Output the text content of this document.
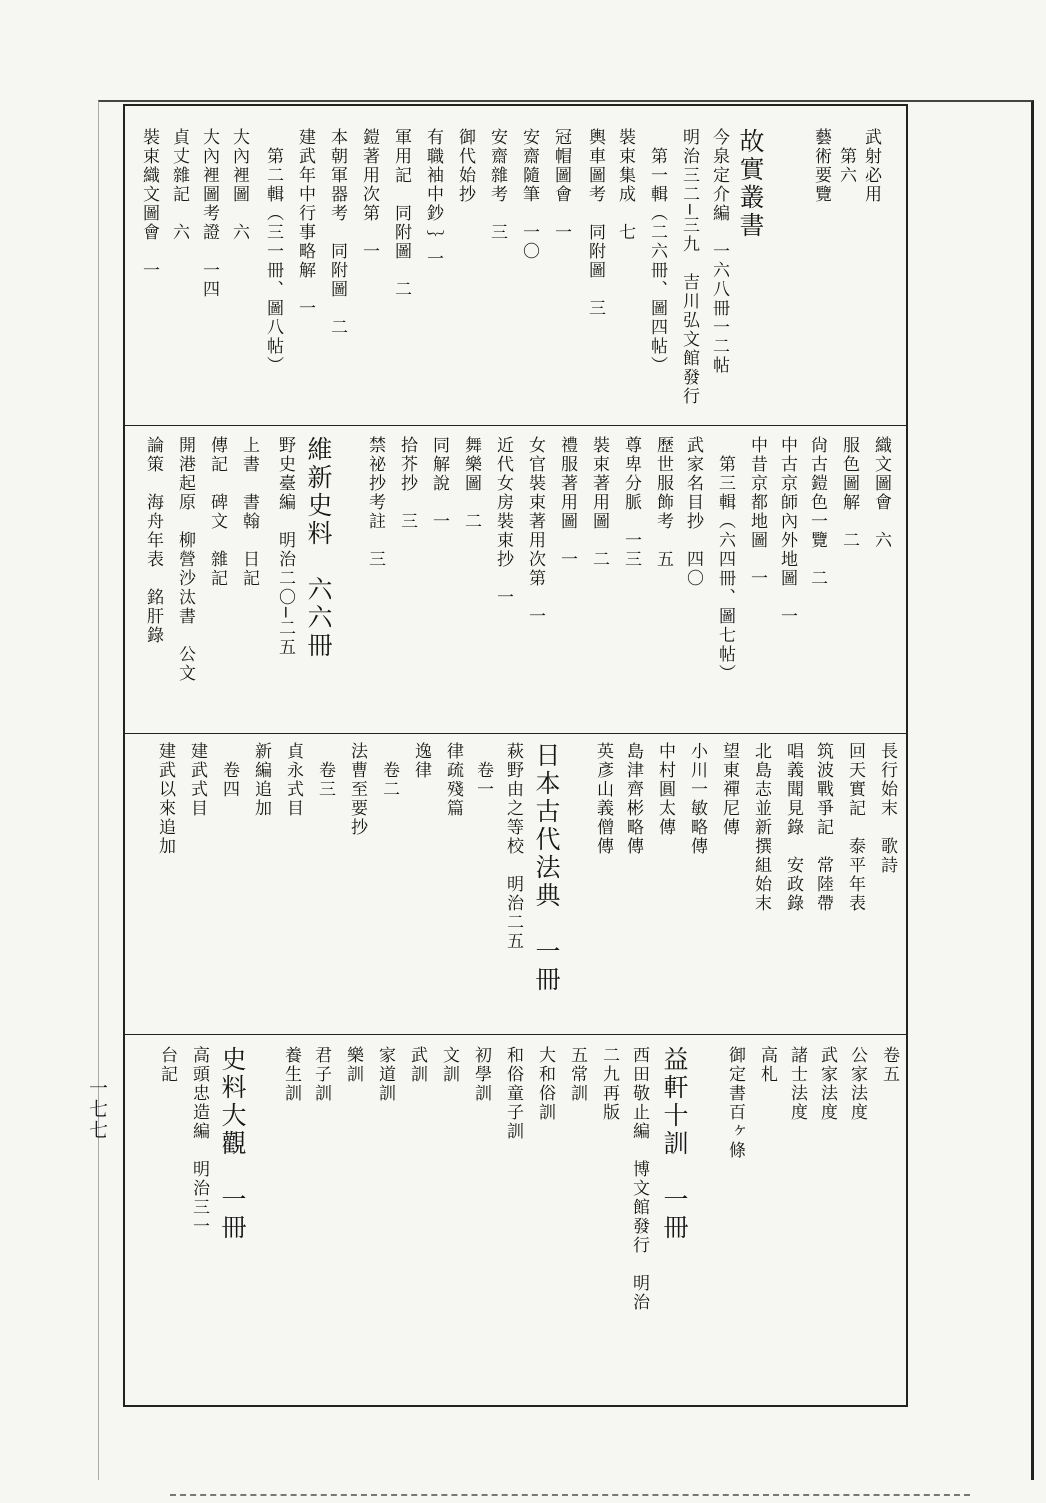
武射必用
　第六
藝術要覽
故實叢書
今泉定介編　一六八冊一二帖
明治三二─三九　吉川弘文館發行
　第一輯（二六冊、圖四帖）
裝束集成　七
輿車圖考　同附圖　三
冠帽圖會　一
安齋隨筆　一〇
安齋雜考　三
御代始抄
有職袖中鈔 ｝一
軍用記　同附圖　二
鎧著用次第　一
本朝軍器考　同附圖　二
建武年中行事略解　一
　第二輯（三一冊、圖八帖）
大內裡圖　六
大內裡圖考證　一四
貞丈雜記　六
裝束織文圖會　一
織文圖會　六
服色圖解　二
尙古鎧色一覽　二
中古京師內外地圖　一
中昔京都地圖　一
　第三輯（六四冊、圖七帖）
武家名目抄　四〇
歷世服飾考　五
尊卑分脈　一三
裝束著用圖　二
禮服著用圖　一
女官裝束著用次第　一
近代女房裝束抄　一
舞樂圖　二
同解說　一
拾芥抄　三
禁祕抄考註　三
維新史料　六六冊
野史臺編　明治二〇─二五
上書　書翰　日記
傳記　碑文　雜記
開港起原　柳營沙汰書　公文
論策　海舟年表　銘肝錄
長行始末　歌詩
回天實記　泰平年表
筑波戰爭記　常陸帶
唱義聞見錄　安政錄
北島志並新撰組始末
望東禪尼傳
小川一敏略傳
中村圓太傳
島津齊彬略傳
英彥山義僧傳
日本古代法典　一冊
萩野由之等校　明治二五
　卷一
律疏殘篇
逸律
　卷二
法曹至要抄
　卷三
貞永式目
新編追加
　卷四
建武式目
建武以來追加
卷五
公家法度
武家法度
諸士法度
高札
御定書百ヶ條
益軒十訓　一冊
西田敬止編　博文館發行　明治
二九再版
五常訓
大和俗訓
和俗童子訓
初學訓
文訓
武訓
家道訓
樂訓
君子訓
養生訓
史料大觀　一冊
高頭忠造編　明治三一
台記
一七七
